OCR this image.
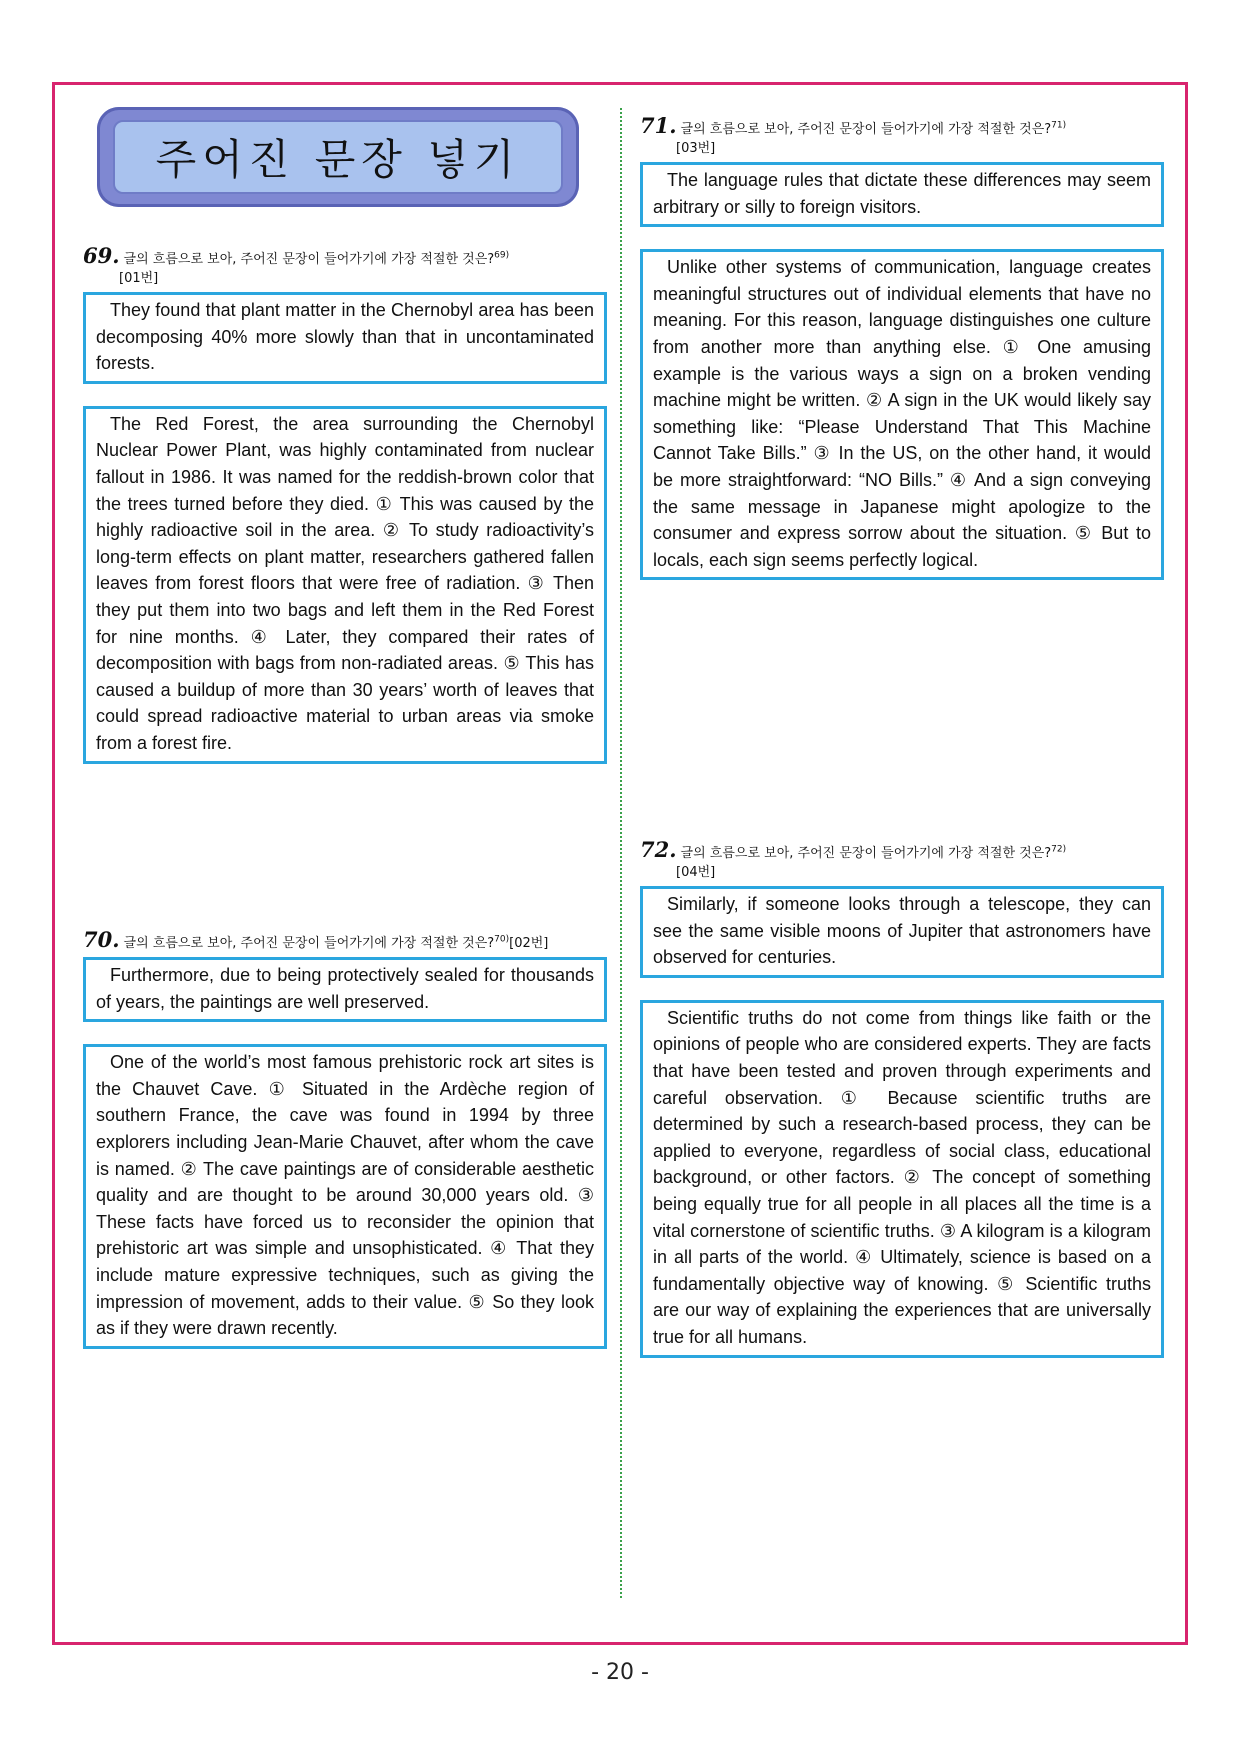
주어진 문장 넣기
69. 글의 흐름으로 보아, 주어진 문장이 들어가기에 가장 적절한 것은?$^{69)}$
[01번]
They found that plant matter in the Chernobyl area has been decomposing 40% more slowly than that in uncontaminated forests.
The Red Forest, the area surrounding the Chernobyl Nuclear Power Plant, was highly contaminated from nuclear fallout in 1986. It was named for the reddish-brown color that the trees turned before they died. ① This was caused by the highly radioactive soil in the area. ② To study radioactivity’s long-term effects on plant matter, researchers gathered fallen leaves from forest floors that were free of radiation. ③ Then they put them into two bags and left them in the Red Forest for nine months. ④ Later, they compared their rates of decomposition with bags from non-radiated areas. ⑤ This has caused a buildup of more than 30 years’ worth of leaves that could spread radioactive material to urban areas via smoke from a forest fire.
70. 글의 흐름으로 보아, 주어진 문장이 들어가기에 가장 적절한 것은?$^{70)}$[02번]
Furthermore, due to being protectively sealed for thousands of years, the paintings are well preserved.
One of the world’s most famous prehistoric rock art sites is the Chauvet Cave. ① Situated in the Ardèche region of southern France, the cave was found in 1994 by three explorers including Jean-Marie Chauvet, after whom the cave is named. ② The cave paintings are of considerable aesthetic quality and are thought to be around 30,000 years old. ③ These facts have forced us to reconsider the opinion that prehistoric art was simple and unsophisticated. ④ That they include mature expressive techniques, such as giving the impression of movement, adds to their value. ⑤ So they look as if they were drawn recently.
71. 글의 흐름으로 보아, 주어진 문장이 들어가기에 가장 적절한 것은?$^{71)}$
[03번]
The language rules that dictate these differences may seem arbitrary or silly to foreign visitors.
Unlike other systems of communication, language creates meaningful structures out of individual elements that have no meaning. For this reason, language distinguishes one culture from another more than anything else. ① One amusing example is the various ways a sign on a broken vending machine might be written. ② A sign in the UK would likely say something like: “Please Understand That This Machine Cannot Take Bills.” ③ In the US, on the other hand, it would be more straightforward: “NO Bills.” ④ And a sign conveying the same message in Japanese might apologize to the consumer and express sorrow about the situation. ⑤ But to locals, each sign seems perfectly logical.
72. 글의 흐름으로 보아, 주어진 문장이 들어가기에 가장 적절한 것은?$^{72)}$
[04번]
Similarly, if someone looks through a telescope, they can see the same visible moons of Jupiter that astronomers have observed for centuries.
Scientific truths do not come from things like faith or the opinions of people who are considered experts. They are facts that have been tested and proven through experiments and careful observation. ① Because scientific truths are determined by such a research-based process, they can be applied to everyone, regardless of social class, educational background, or other factors. ② The concept of something being equally true for all people in all places all the time is a vital cornerstone of scientific truths. ③ A kilogram is a kilogram in all parts of the world. ④ Ultimately, science is based on a fundamentally objective way of knowing. ⑤ Scientific truths are our way of explaining the experiences that are universally true for all humans.
- 20 -
